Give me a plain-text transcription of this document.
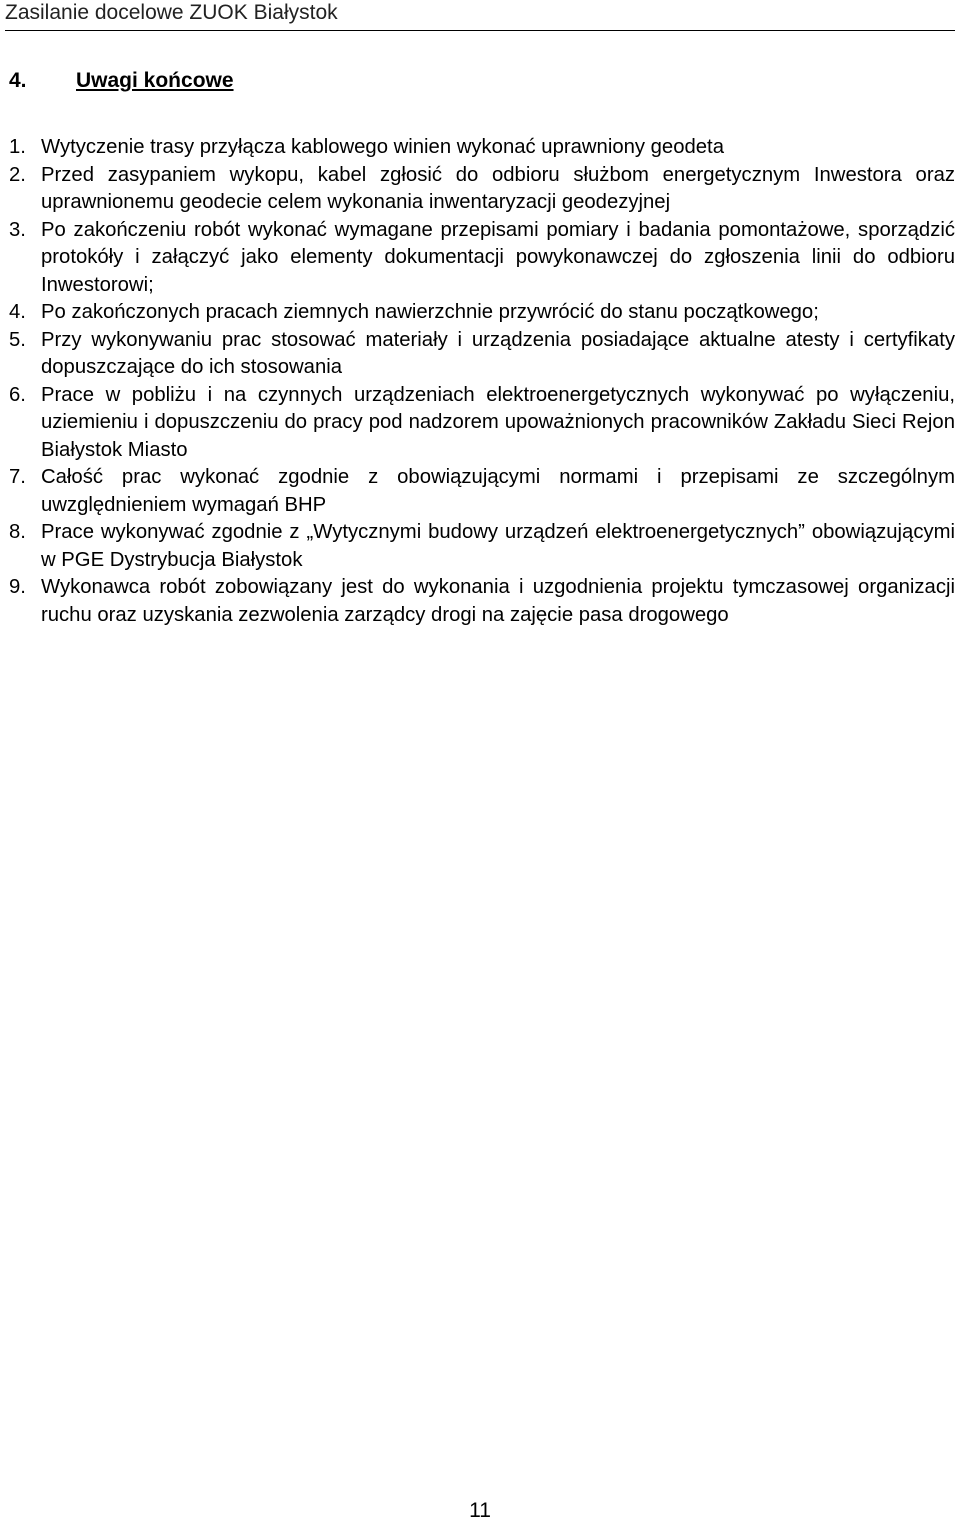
Zasilanie docelowe ZUOK Białystok
4. Uwagi końcowe
1. Wytyczenie trasy przyłącza kablowego winien wykonać uprawniony geodeta
2. Przed zasypaniem wykopu, kabel zgłosić do odbioru służbom energetycznym Inwestora oraz uprawnionemu geodecie celem wykonania inwentaryzacji geodezyjnej
3. Po zakończeniu robót wykonać wymagane przepisami pomiary i badania pomontażowe, sporządzić protokóły i załączyć jako elementy dokumentacji powykonawczej do zgłoszenia linii do odbioru Inwestorowi;
4. Po zakończonych pracach ziemnych nawierzchnie przywrócić do stanu początkowego;
5. Przy wykonywaniu prac stosować materiały i urządzenia posiadające aktualne atesty i certyfikaty dopuszczające do ich stosowania
6. Prace w pobliżu i na czynnych urządzeniach elektroenergetycznych wykonywać po wyłączeniu, uziemieniu i dopuszczeniu do pracy pod nadzorem upoważnionych pracowników Zakładu Sieci Rejon Białystok Miasto
7. Całość prac wykonać zgodnie z obowiązującymi normami i przepisami ze szczególnym uwzględnieniem wymagań BHP
8. Prace wykonywać zgodnie z „Wytycznymi budowy urządzeń elektroenergetycznych” obowiązującymi w PGE Dystrybucja Białystok
9. Wykonawca robót zobowiązany jest do wykonania i uzgodnienia projektu tymczasowej organizacji ruchu oraz uzyskania zezwolenia zarządcy drogi na zajęcie pasa drogowego
11
